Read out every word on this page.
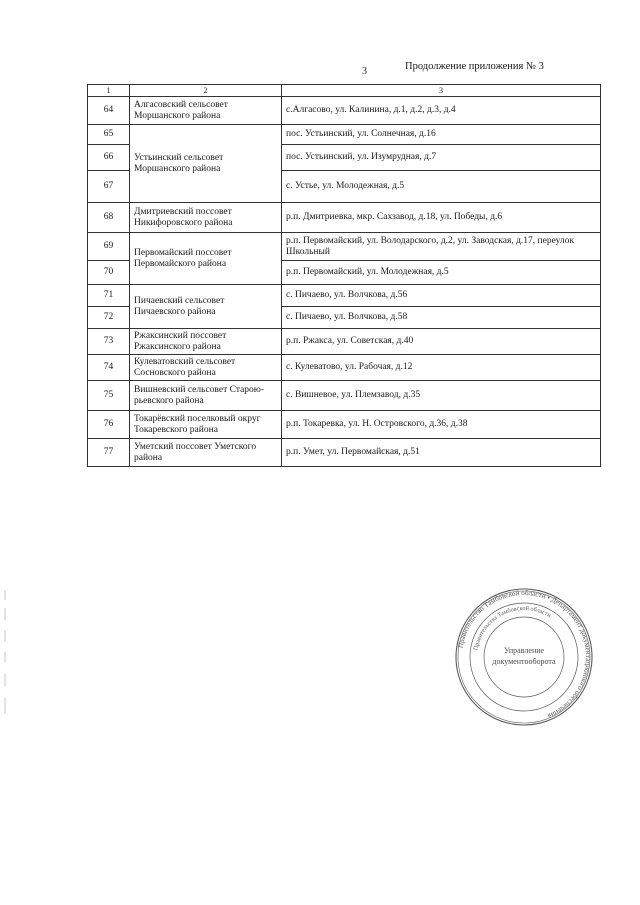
3	Продолжение приложения № 3
1	2	3
64	Алгасовский сельсовет Моршанского района	с.Алгасово, ул. Калинина, д.1, д.2, д.3, д.4
65	Устьинский сельсовет Моршанского района	пос. Устьинский, ул. Солнечная, д.16
66		пос. Устьинский, ул. Изумрудная, д.7
67		с. Устье, ул. Молодежная, д.5
68	Дмитриевский поссовет Никифоровского района	р.п. Дмитриевка, мкр. Сахзавод, д.18, ул. Победы, д.6
69	Первомайский поссовет Первомайского района	р.п. Первомайский, ул. Володарского, д.2, ул. Заводская, д.17, переулок Школьный
70		р.п. Первомайский, ул. Молодежная, д.5
71	Пичаевский сельсовет Пичаевского района	с. Пичаево, ул. Волчкова, д.56
72		с. Пичаево, ул. Волчкова, д.58
73	Ржаксинский поссовет Ржаксинского района	р.п. Ржакса, ул. Советская, д.40
74	Кулеватовский сельсовет Сосновского района	с. Кулеватово, ул. Рабочая, д.12
75	Вишневский сельсовет Староюрьевского района	с. Вишневое, ул. Племзавод, д.35
76	Токарёвский поселковый округ Токаревского района	р.п. Токаревка, ул. Н. Островского, д.36, д.38
77	Уметский поссовет Уметского района	р.п. Умет, ул. Первомайская, д.51
Правительство Тамбовской области • Департамент документационного обеспечения
Правительства Тамбовской области
Управление
документооборота
